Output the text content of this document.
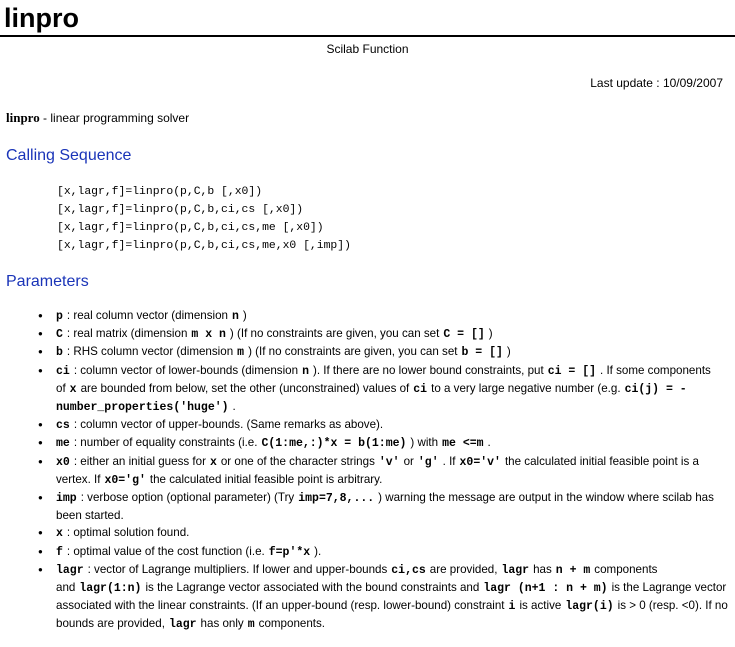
linpro
Scilab Function
Last update : 10/09/2007
linpro - linear programming solver
Calling Sequence
[x,lagr,f]=linpro(p,C,b [,x0])
[x,lagr,f]=linpro(p,C,b,ci,cs [,x0])
[x,lagr,f]=linpro(p,C,b,ci,cs,me [,x0])
[x,lagr,f]=linpro(p,C,b,ci,cs,me,x0 [,imp])
Parameters
● p : real column vector (dimension n )
● C : real matrix (dimension m x n ) (If no constraints are given, you can set C = [] )
● b : RHS column vector (dimension m ) (If no constraints are given, you can set b = [] )
● ci : column vector of lower-bounds (dimension n ). If there are no lower bound constraints, put ci = [] . If some components of x are bounded from below, set the other (unconstrained) values of ci to a very large negative number (e.g. ci(j) = -number_properties('huge') .
● cs : column vector of upper-bounds. (Same remarks as above).
● me : number of equality constraints (i.e. C(1:me,:)*x = b(1:me) ) with me <=m .
● x0 : either an initial guess for x or one of the character strings 'v' or 'g' . If x0='v' the calculated initial feasible point is a vertex. If x0='g' the calculated initial feasible point is arbitrary.
● imp : verbose option (optional parameter) (Try imp=7,8,... ) warning the message are output in the window where scilab has been started.
● x : optimal solution found.
● f : optimal value of the cost function (i.e. f=p'*x ).
● lagr : vector of Lagrange multipliers. If lower and upper-bounds ci,cs are provided, lagr has n + m components and lagr(1:n) is the Lagrange vector associated with the bound constraints and lagr (n+1 : n + m) is the Lagrange vector associated with the linear constraints. (If an upper-bound (resp. lower-bound) constraint i is active lagr(i) is > 0 (resp. <0). If no bounds are provided, lagr has only m components.
